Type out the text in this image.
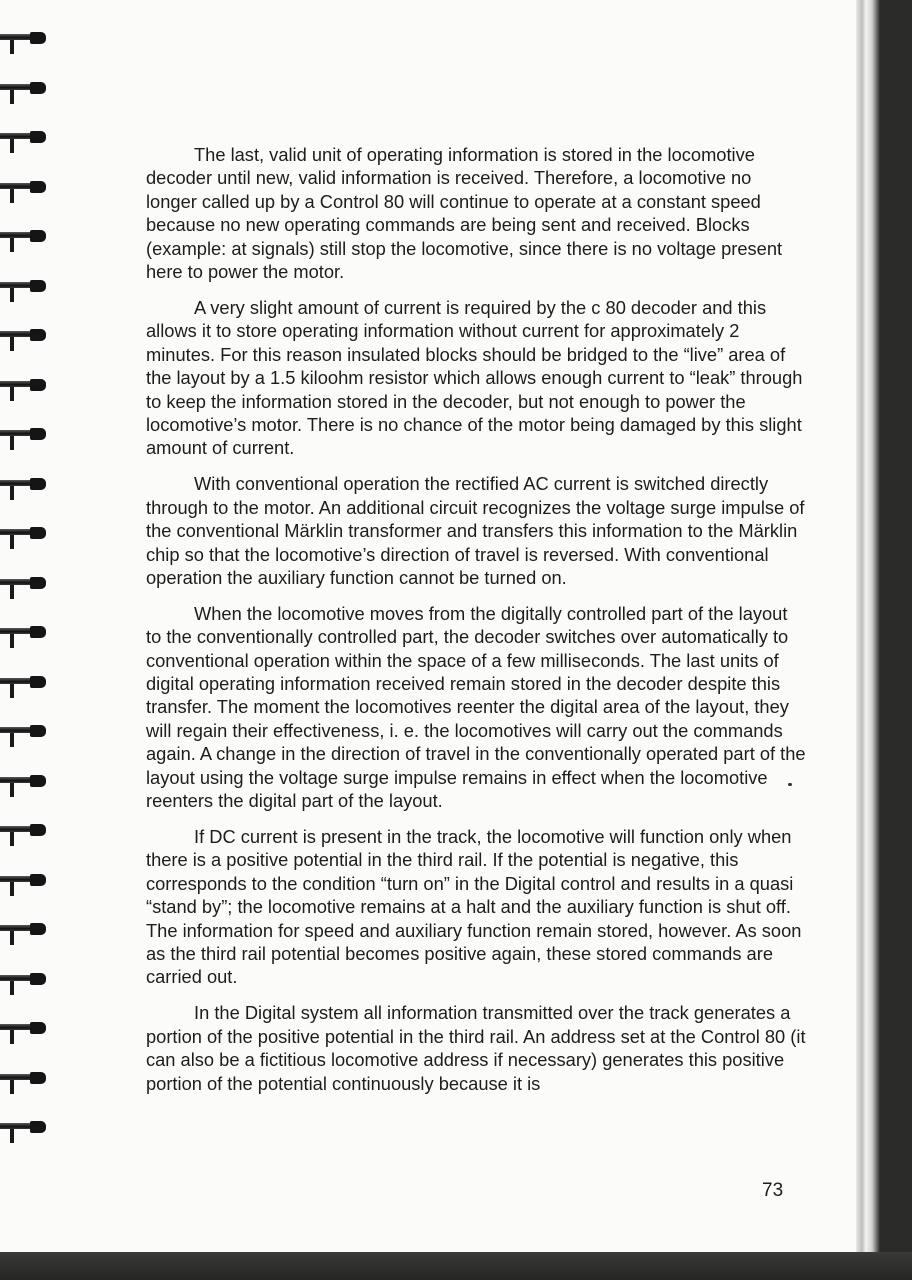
The last, valid unit of operating information is stored in the locomotive decoder until new, valid information is received. Therefore, a locomotive no longer called up by a Control 80 will continue to operate at a constant speed because no new operating commands are being sent and received. Blocks (example: at signals) still stop the locomotive, since there is no voltage present here to power the motor.

A very slight amount of current is required by the c 80 decoder and this allows it to store operating information without current for approximately 2 minutes. For this reason insulated blocks should be bridged to the “live” area of the layout by a 1.5 kiloohm resistor which allows enough current to “leak” through to keep the information stored in the decoder, but not enough to power the locomotive’s motor. There is no chance of the motor being damaged by this slight amount of current.

With conventional operation the rectified AC current is switched directly through to the motor. An additional circuit recognizes the voltage surge impulse of the conventional Märklin transformer and transfers this information to the Märklin chip so that the locomotive’s direction of travel is reversed. With conventional operation the auxiliary function cannot be turned on.

When the locomotive moves from the digitally controlled part of the layout to the conventionally controlled part, the decoder switches over automatically to conventional operation within the space of a few milliseconds. The last units of digital operating information received remain stored in the decoder despite this transfer. The moment the locomotives reenter the digital area of the layout, they will regain their effectiveness, i. e. the locomotives will carry out the commands again. A change in the direction of travel in the conventionally operated part of the layout using the voltage surge impulse remains in effect when the locomotive reenters the digital part of the layout.

If DC current is present in the track, the locomotive will function only when there is a positive potential in the third rail. If the potential is negative, this corresponds to the condition “turn on” in the Digital control and results in a quasi “stand by”; the locomotive remains at a halt and the auxiliary function is shut off. The information for speed and auxiliary function remain stored, however. As soon as the third rail potential becomes positive again, these stored commands are carried out.

In the Digital system all information transmitted over the track generates a portion of the positive potential in the third rail. An address set at the Control 80 (it can also be a fictitious locomotive address if necessary) generates this positive portion of the potential continuously because it is

73
